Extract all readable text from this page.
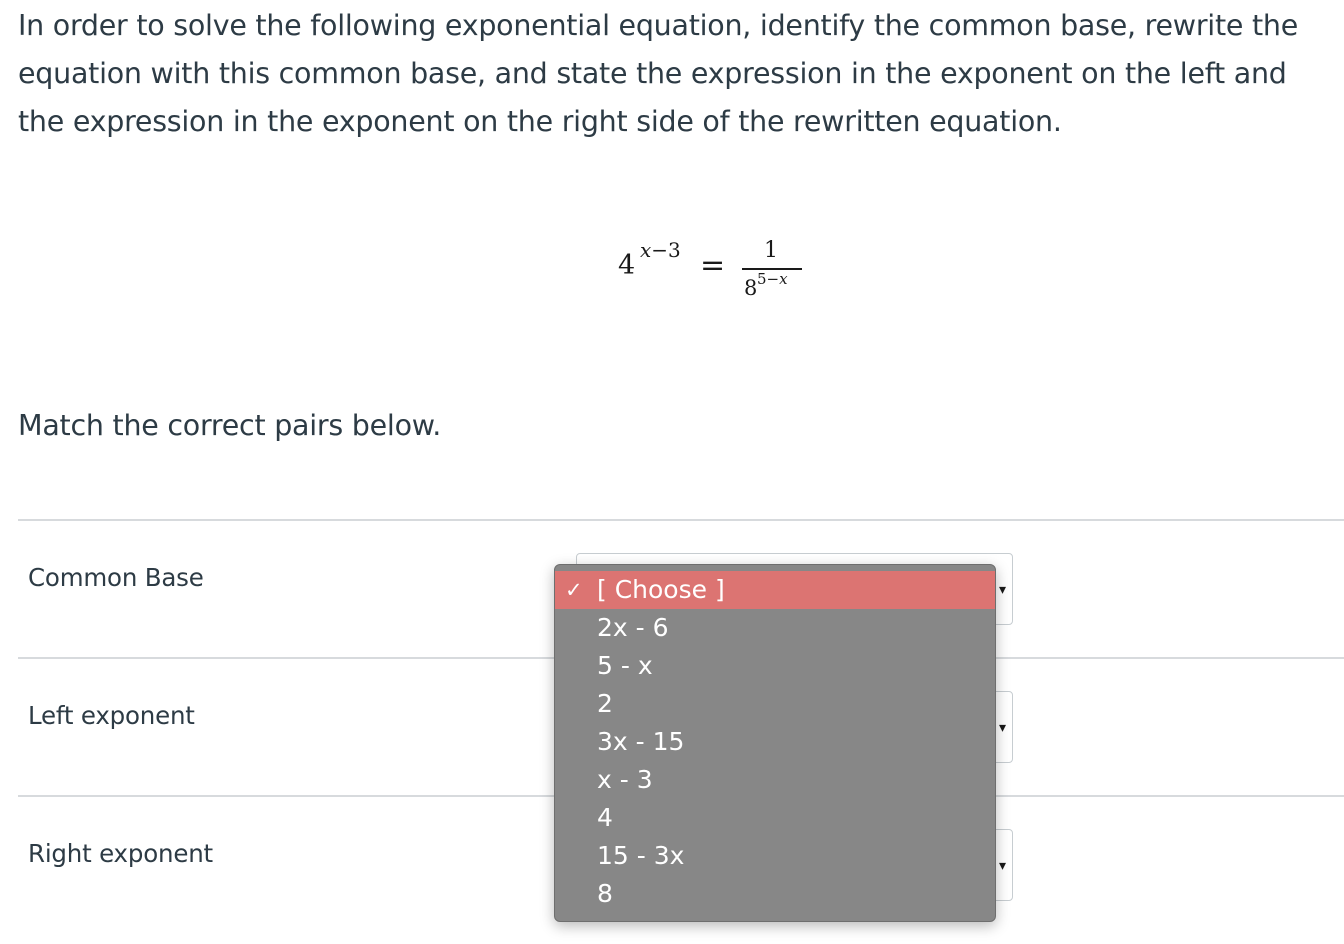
In order to solve the following exponential equation, identify the common base, rewrite the equation with this common base, and state the expression in the exponent on the left and the expression in the exponent on the right side of the rewritten equation.
4 x−3 = 1
8 5−x
Match the correct pairs below.
Common Base
Left exponent
Right exponent
▾
▾
▾
✓ [ Choose ]
2x - 6
5 - x
2
3x - 15
x - 3
4
15 - 3x
8
